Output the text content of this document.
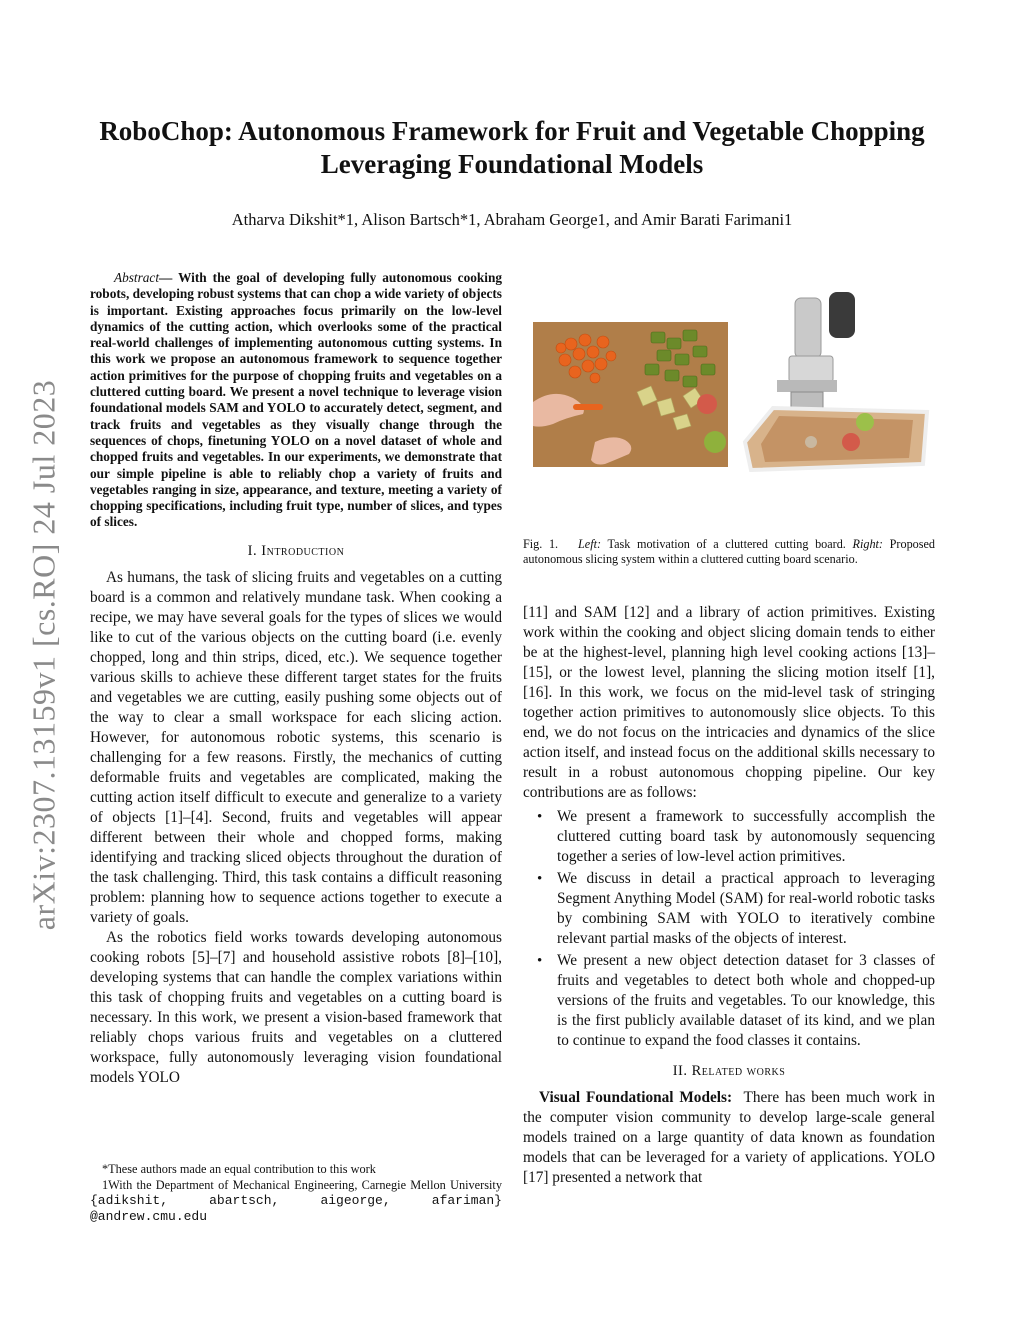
arXiv:2307.13159v1 [cs.RO] 24 Jul 2023
RoboChop: Autonomous Framework for Fruit and Vegetable Chopping Leveraging Foundational Models

Atharva Dikshit*1, Alison Bartsch*1, Abraham George1, and Amir Barati Farimani1

Fig. 1. Left: Task motivation of a cluttered cutting board. Right: Proposed autonomous slicing system within a cluttered cutting board scenario.

Abstract— With the goal of developing fully autonomous cooking robots, developing robust systems that can chop a wide variety of objects is important. Existing approaches focus primarily on the low-level dynamics of the cutting action, which overlooks some of the practical real-world challenges of implementing autonomous cutting systems. In this work we propose an autonomous framework to sequence together action primitives for the purpose of chopping fruits and vegetables on a cluttered cutting board. We present a novel technique to leverage vision foundational models SAM and YOLO to accurately detect, segment, and track fruits and vegetables as they visually change through the sequences of chops, finetuning YOLO on a novel dataset of whole and chopped fruits and vegetables. In our experiments, we demonstrate that our simple pipeline is able to reliably chop a variety of fruits and vegetables ranging in size, appearance, and texture, meeting a variety of chopping specifications, including fruit type, number of slices, and types of slices.

I. Introduction

As humans, the task of slicing fruits and vegetables on a cutting board is a common and relatively mundane task. When cooking a recipe, we may have several goals for the types of slices we would like to cut of the various objects on the cutting board (i.e. evenly chopped, long and thin strips, diced, etc.). We sequence together various skills to achieve these different target states for the fruits and vegetables we are cutting, easily pushing some objects out of the way to clear a small workspace for each slicing action. However, for autonomous robotic systems, this scenario is challenging for a few reasons. Firstly, the mechanics of cutting deformable fruits and vegetables are complicated, making the cutting action itself difficult to execute and generalize to a variety of objects [1]–[4]. Second, fruits and vegetables will appear different between their whole and chopped forms, making identifying and tracking sliced objects throughout the duration of the task challenging. Third, this task contains a difficult reasoning problem: planning how to sequence actions together to execute a variety of goals.

As the robotics field works towards developing autonomous cooking robots [5]–[7] and household assistive robots [8]–[10], developing systems that can handle the complex variations within this task of chopping fruits and vegetables on a cutting board is necessary. In this work, we present a vision-based framework that reliably chops various fruits and vegetables on a cluttered workspace, fully autonomously leveraging vision foundational models YOLO

*These authors made an equal contribution to this work
1With the Department of Mechanical Engineering, Carnegie Mellon University {adikshit, abartsch, aigeorge, afariman} @andrew.cmu.edu

[11] and SAM [12] and a library of action primitives. Existing work within the cooking and object slicing domain tends to either be at the highest-level, planning high level cooking actions [13]–[15], or the lowest level, planning the slicing motion itself [1], [16]. In this work, we focus on the mid-level task of stringing together action primitives to autonomously slice objects. To this end, we do not focus on the intricacies and dynamics of the slice action itself, and instead focus on the additional skills necessary to result in a robust autonomous chopping pipeline. Our key contributions are as follows:

• We present a framework to successfully accomplish the cluttered cutting board task by autonomously sequencing together a series of low-level action primitives.
• We discuss in detail a practical approach to leveraging Segment Anything Model (SAM) for real-world robotic tasks by combining SAM with YOLO to iteratively combine relevant partial masks of the objects of interest.
• We present a new object detection dataset for 3 classes of fruits and vegetables to detect both whole and chopped-up versions of the fruits and vegetables. To our knowledge, this is the first publicly available dataset of its kind, and we plan to continue to expand the food classes it contains.
II. Related works

Visual Foundational Models: There has been much work in the computer vision community to develop large-scale general models trained on a large quantity of data known as foundation models that can be leveraged for a variety of applications. YOLO [17] presented a network that
